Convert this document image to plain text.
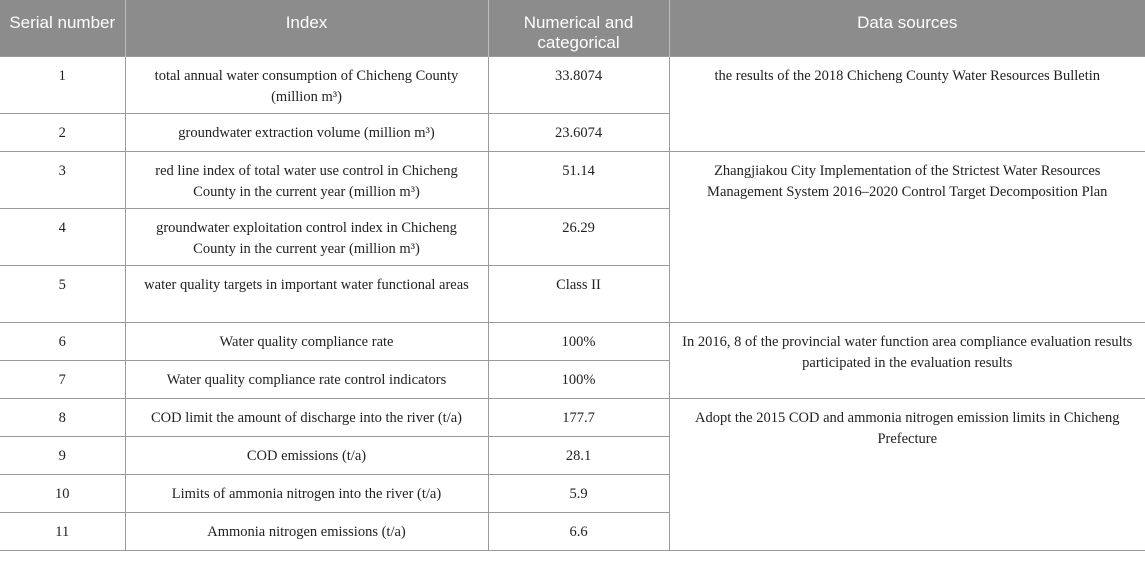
Serial number	Index	Numerical and categorical	Data sources
1	total annual water consumption of Chicheng County (million m³)	33.8074	the results of the 2018 Chicheng County Water Resources Bulletin
2	groundwater extraction volume (million m³)	23.6074	
3	red line index of total water use control in Chicheng County in the current year (million m³)	51.14	Zhangjiakou City Implementation of the Strictest Water Resources Management System 2016–2020 Control Target Decomposition Plan
4	groundwater exploitation control index in Chicheng County in the current year (million m³)	26.29	
5	water quality targets in important water functional areas	Class II	
6	Water quality compliance rate	100%	In 2016, 8 of the provincial water function area compliance evaluation results participated in the evaluation results
7	Water quality compliance rate control indicators	100%	
8	COD limit the amount of discharge into the river (t/a)	177.7	Adopt the 2015 COD and ammonia nitrogen emission limits in Chicheng Prefecture
9	COD emissions (t/a)	28.1	
10	Limits of ammonia nitrogen into the river (t/a)	5.9	
11	Ammonia nitrogen emissions (t/a)	6.6	
